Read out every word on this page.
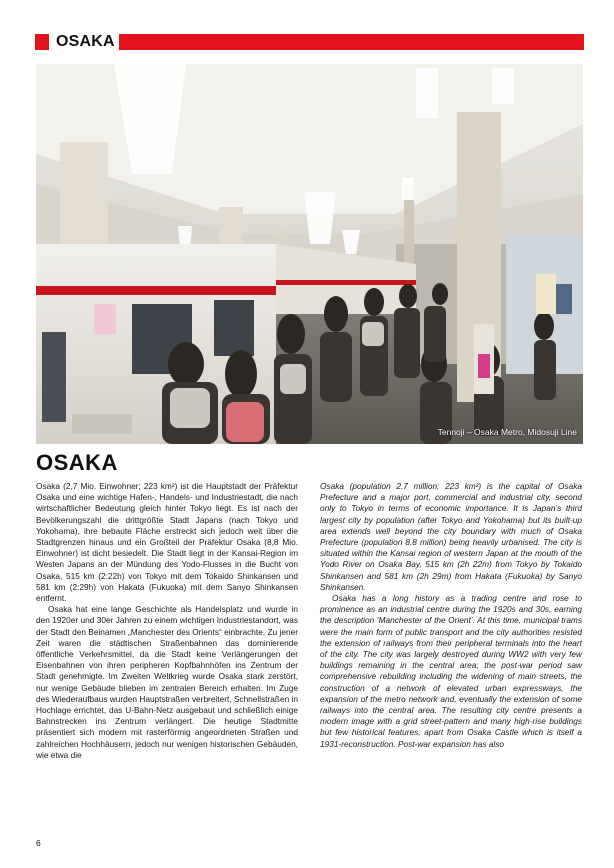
OSAKA
Tennoji – Osaka Metro, Midosuji Line
OSAKA

Osaka (2,7 Mio. Einwohner; 223 km²) ist die Hauptstadt der Präfektur Osaka und eine wichtige Hafen-, Handels- und Industriestadt, die nach wirtschaftlicher Bedeutung gleich hinter Tokyo liegt. Es ist nach der Bevölkerungszahl die drittgrößte Stadt Japans (nach Tokyo und Yokohama), ihre bebaute Fläche erstreckt sich jedoch weit über die Stadtgrenzen hinaus und ein Großteil der Präfektur Osaka (8,8 Mio. Einwohner) ist dicht besiedelt. Die Stadt liegt in der Kansai-Region im Westen Japans an der Mündung des Yodo-Flusses in die Bucht von Osaka, 515 km (2:22h) von Tokyo mit dem Tokaido Shinkansen und 581 km (2:29h) von Hakata (Fukuoka) mit dem Sanyo Shinkansen entfernt.

Osaka hat eine lange Geschichte als Handelsplatz und wurde in den 1920er und 30er Jahren zu einem wichtigen Industriestandort, was der Stadt den Beinamen „Manchester des Orients“ einbrachte. Zu jener Zeit waren die städtischen Straßenbahnen das dominierende öffentliche Verkehrsmittel, da die Stadt keine Verlängerungen der Eisenbahnen von ihren peripheren Kopfbahnhöfen ins Zentrum der Stadt genehmigte. Im Zweiten Weltkrieg wurde Osaka stark zerstört, nur wenige Gebäude blieben im zentralen Bereich erhalten. Im Zuge des Wiederaufbaus wurden Hauptstraßen verbreitert, Schnellstraßen in Hochlage errichtet, das U-Bahn-Netz ausgebaut und schließlich einige Bahnstrecken ins Zentrum verlängert. Die heutige Stadtmitte präsentiert sich modern mit rasterförmig angeordneten Straßen und zahlreichen Hochhäusern, jedoch nur wenigen historischen Gebäuden, wie etwa die

Osaka (population 2.7 million; 223 km²) is the capital of Osaka Prefecture and a major port, commercial and industrial city, second only to Tokyo in terms of economic importance. It is Japan’s third largest city by population (after Tokyo and Yokohama) but its built-up area extends well beyond the city boundary with much of Osaka Prefecture (population 8.8 million) being heavily urbanised. The city is situated within the Kansai region of western Japan at the mouth of the Yodo River on Osaka Bay, 515 km (2h 22m) from Tokyo by Tokaido Shinkansen and 581 km (2h 29m) from Hakata (Fukuoka) by Sanyo Shinkansen.

Osaka has a long history as a trading centre and rose to prominence as an industrial centre during the 1920s and 30s, earning the description ‘Manchester of the Orient’. At this time, municipal trams were the main form of public transport and the city authorities resisted the extension of railways from their peripheral terminals into the heart of the city. The city was largely destroyed during WW2 with very few buildings remaining in the central area; the post-war period saw comprehensive rebuilding including the widening of main streets, the construction of a network of elevated urban expressways, the expansion of the metro network and, eventually the extension of some railways into the central area. The resulting city centre presents a modern image with a grid street-pattern and many high-rise buildings but few historical features, apart from Osaka Castle which is itself a 1931-reconstruction. Post-war expansion has also

6
